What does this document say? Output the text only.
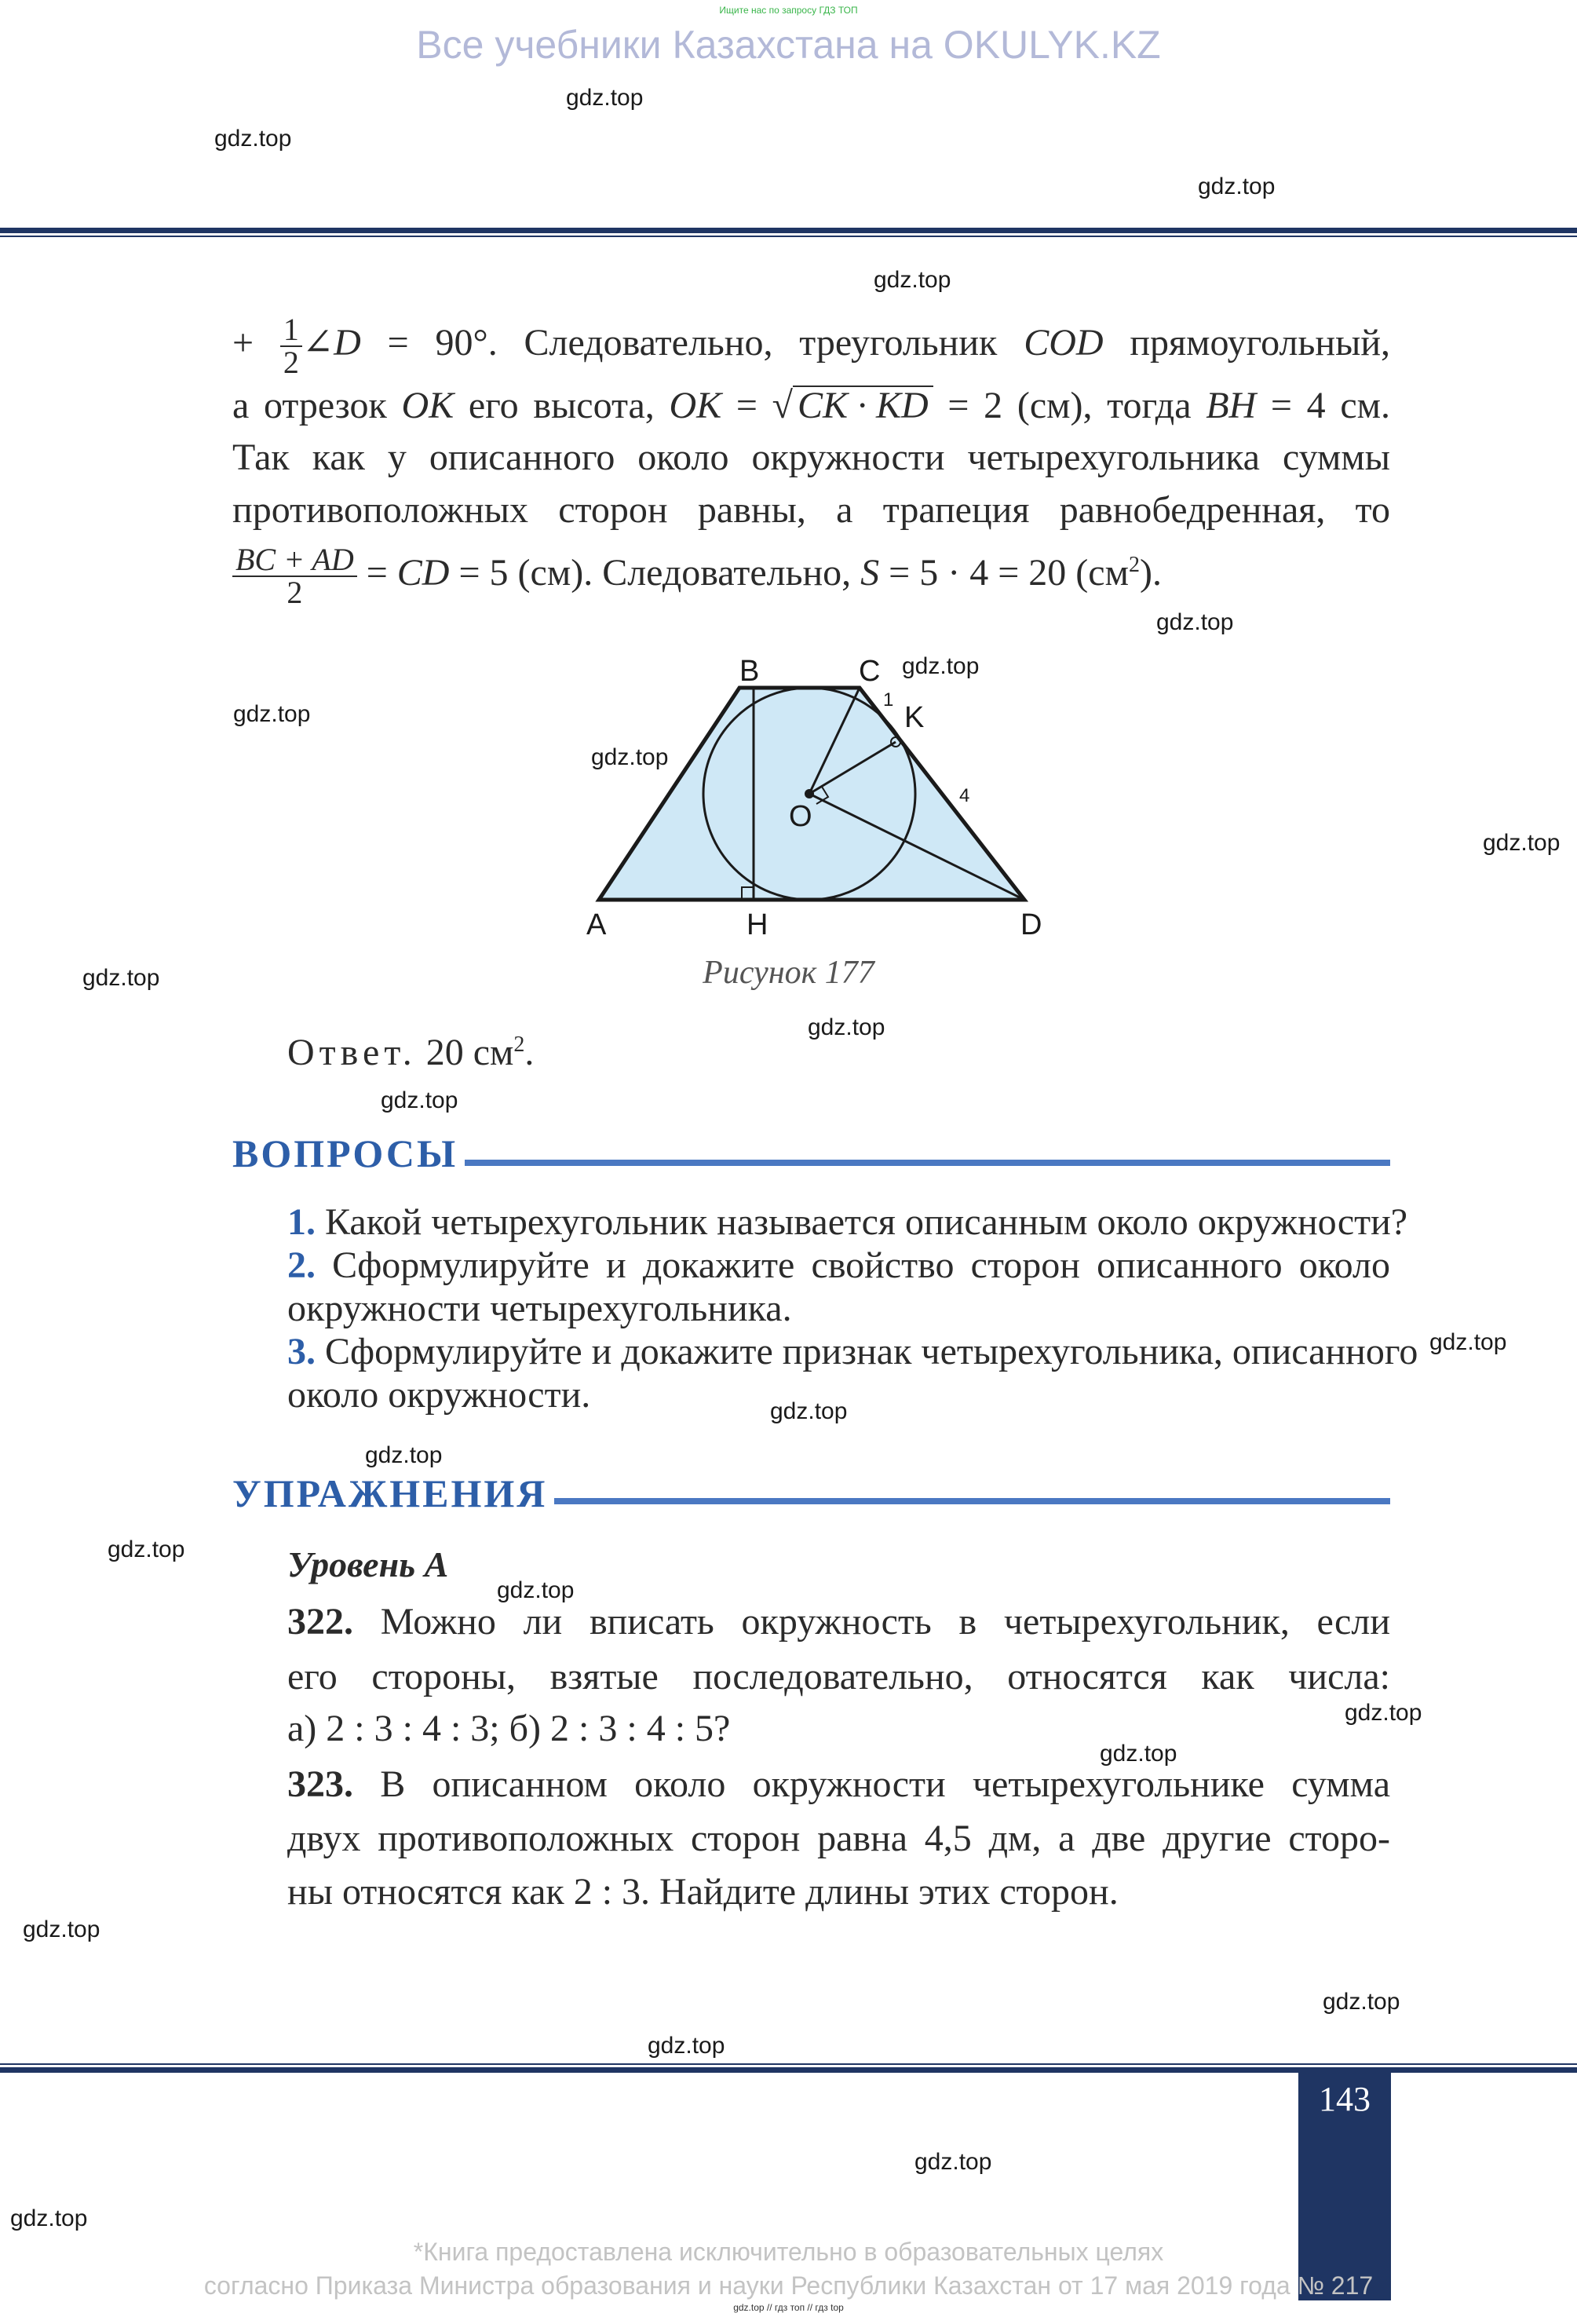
Ищите нас по запросу ГДЗ ТОП
Все учебники Казахстана на OKULYK.KZ
gdz.top
gdz.top
gdz.top
gdz.top
gdz.top
gdz.top
gdz.top
gdz.top
gdz.top
gdz.top
gdz.top
gdz.top
gdz.top
gdz.top
gdz.top
gdz.top
gdz.top
gdz.top
gdz.top
gdz.top
gdz.top
gdz.top
gdz.top
gdz.top
+ $\frac{1}{2}$ ∠D = 90°. Следовательно, треугольник COD прямоугольный,
а отрезок OK его высота, OK = √ CK · KD = 2 (см), тогда BH = 4 см.
Так как у описанного около окружности четырехугольника суммы
противоположных сторон равны, а трапеция равнобедренная, то
$\frac{BC + AD}{2}$ = CD = 5 (см). Следовательно, S = 5 · 4 = 20 $(см^2)$.
A
B	C
D
H
K
O
1
4
Рисунок 177
Ответ. 20 $см^2$.
ВОПРОСЫ
1. Какой четырехугольник называется описанным около окружности?
2. Сформулируйте и докажите свойство сторон описанного около
окружности четырехугольника.
3. Сформулируйте и докажите признак четырехугольника, описанного
около окружности.
УПРАЖНЕНИЯ
Уровень А
322. Можно ли вписать окружность в четырехугольник, если
его стороны, взятые последовательно, относятся как числа:
а) 2 : 3 : 4 : 3; б) 2 : 3 : 4 : 5?
323. В описанном около окружности четырехугольнике сумма
двух противоположных сторон равна 4,5 дм, а две другие сторо-
ны относятся как 2 : 3. Найдите длины этих сторон.
143
*Книга предоставлена исключительно в образовательных целях
согласно Приказа Министра образования и науки Республики Казахстан от 17 мая 2019 года № 217
gdz.top // гдз топ // гдз top
